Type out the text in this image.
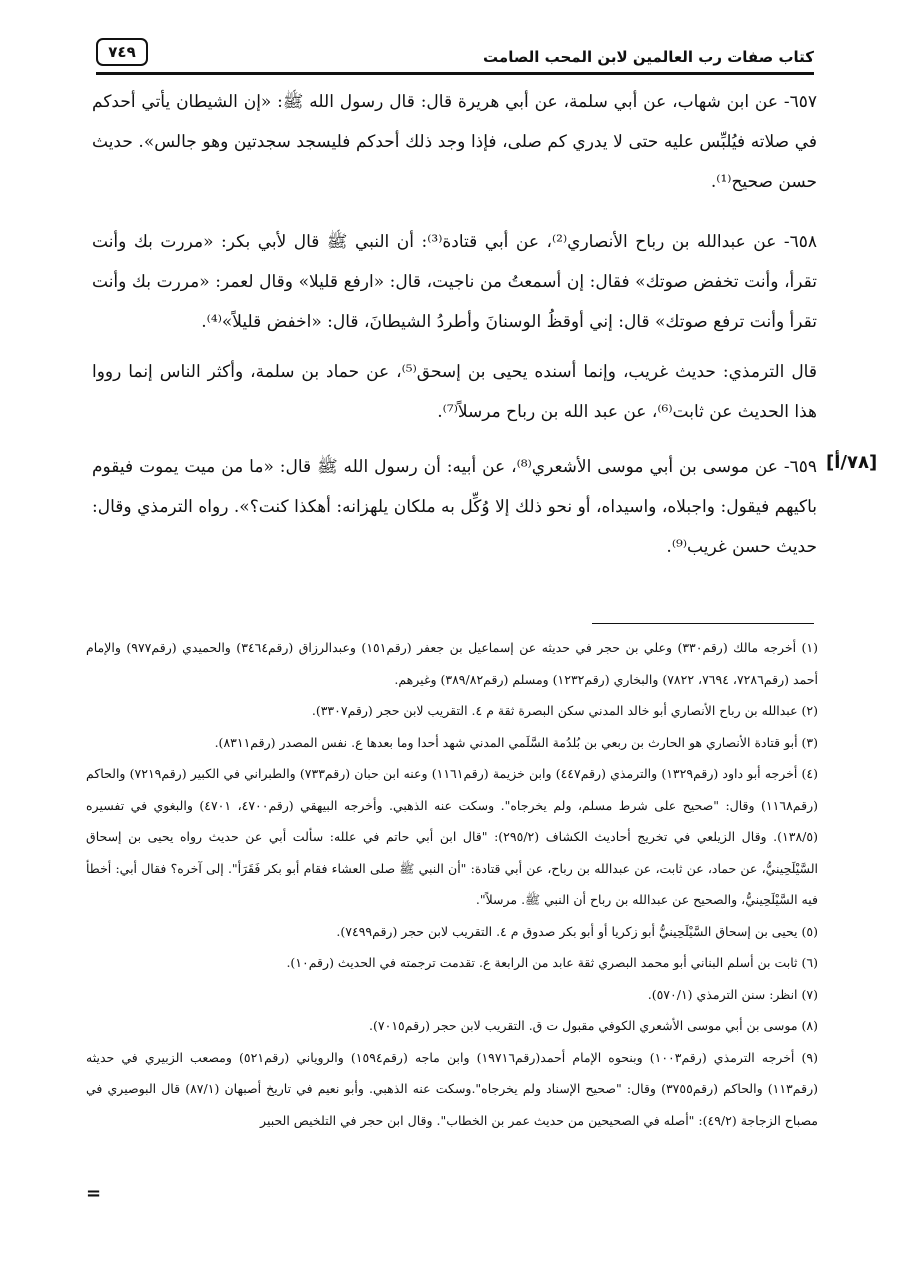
كتاب صفات رب العالمين لابن المحب الصامت
٧٤٩

٦٥٧- عن ابن شهاب، عن أبي سلمة، عن أبي هريرة قال: قال رسول الله ﷺ: «إن الشيطان يأتي أحدكم في صلاته فيُلبِّس عليه حتى لا يدري كم صلى، فإذا وجد ذلك أحدكم فليسجد سجدتين وهو جالس». حديث حسن صحيح⁽¹⁾.

٦٥٨- عن عبدالله بن رباح الأنصاري⁽²⁾، عن أبي قتادة⁽³⁾: أن النبي ﷺ قال لأبي بكر: «مررت بك وأنت تقرأ، وأنت تخفض صوتك» فقال: إن أسمعتُ من ناجيت، قال: «ارفع قليلا» وقال لعمر: «مررت بك وأنت تقرأ وأنت ترفع صوتك» قال: إني أوقظُ الوسنانَ وأطردُ الشيطانَ، قال: «اخفض قليلاً»⁽⁴⁾.

قال الترمذي: حديث غريب، وإنما أسنده يحيى بن إسحق⁽⁵⁾، عن حماد بن سلمة، وأكثر الناس إنما رووا هذا الحديث عن ثابت⁽⁶⁾، عن عبد الله بن رباح مرسلاً⁽⁷⁾.

٦٥٩- عن موسى بن أبي موسى الأشعري⁽⁸⁾، عن أبيه: أن رسول الله ﷺ قال: «ما من ميت يموت فيقوم باكيهم فيقول: واجبلاه، واسيداه، أو نحو ذلك إلا وُكِّل به ملكان يلهزانه: أهكذا كنت؟». رواه الترمذي وقال: حديث حسن غريب⁽⁹⁾.

[٧٨/أ]

(١) أخرجه مالك (رقم٣٣٠) وعلي بن حجر في حديثه عن إسماعيل بن جعفر (رقم١٥١) وعبدالرزاق (رقم٣٤٦٤) والحميدي (رقم٩٧٧) والإمام أحمد (رقم٧٢٨٦، ٧٦٩٤، ٧٨٢٢) والبخاري (رقم١٢٣٢) ومسلم (رقم٣٨٩/٨٢) وغيرهم.

(٢) عبدالله بن رباح الأنصاري أبو خالد المدني سكن البصرة ثقة م ٤. التقريب لابن حجر (رقم٣٣٠٧).

(٣) أبو قتادة الأنصاري هو الحارث بن ربعي بن بُلدُمة السَّلَمي المدني شهد أحدا وما بعدها ع. نفس المصدر (رقم٨٣١١).

(٤) أخرجه أبو داود (رقم١٣٢٩) والترمذي (رقم٤٤٧) وابن خزيمة (رقم١١٦١) وعنه ابن حبان (رقم٧٣٣) والطبراني في الكبير (رقم٧٢١٩) والحاكم (رقم١١٦٨) وقال: "صحيح على شرط مسلم، ولم يخرجاه". وسكت عنه الذهبي. وأخرجه البيهقي (رقم٤٧٠٠، ٤٧٠١) والبغوي في تفسيره (١٣٨/٥). وقال الزيلعي في تخريج أحاديث الكشاف (٢٩٥/٢): "قال ابن أبي حاتم في علله: سألت أبي عن حديث رواه يحيى بن إسحاق السَّيْلَحِينيُّ، عن حماد، عن ثابت، عن عبدالله بن رباح، عن أبي قتادة: "أن النبي ﷺ صلى العشاء فقام أبو بكر فَقَرَأ". إلى آخره؟ فقال أبي: أخطأ فيه السَّيْلَحِينيُّ، والصحيح عن عبدالله بن رباح أن النبي ﷺ. مرسلاً".

(٥) يحيى بن إسحاق السَّيْلَحِينيُّ أبو زكريا أو أبو بكر صدوق م ٤. التقريب لابن حجر (رقم٧٤٩٩).

(٦) ثابت بن أسلم البناني أبو محمد البصري ثقة عابد من الرابعة ع. تقدمت ترجمته في الحديث (رقم١٠).

(٧) انظر: سنن الترمذي (٥٧٠/١).

(٨) موسى بن أبي موسى الأشعري الكوفي مقبول ت ق. التقريب لابن حجر (رقم٧٠١٥).

(٩) أخرجه الترمذي (رقم١٠٠٣) وبنحوه الإمام أحمد(رقم١٩٧١٦) وابن ماجه (رقم١٥٩٤) والروياني (رقم٥٢١) ومصعب الزبيري في حديثه (رقم١١٣) والحاكم (رقم٣٧٥٥) وقال: "صحيح الإسناد ولم يخرجاه".وسكت عنه الذهبي. وأبو نعيم في تاريخ أصبهان (٨٧/١) قال البوصيري في مصباح الزجاجة (٤٩/٢): "أصله في الصحيحين من حديث عمر بن الخطاب". وقال ابن حجر في التلخيص الحبير

=
